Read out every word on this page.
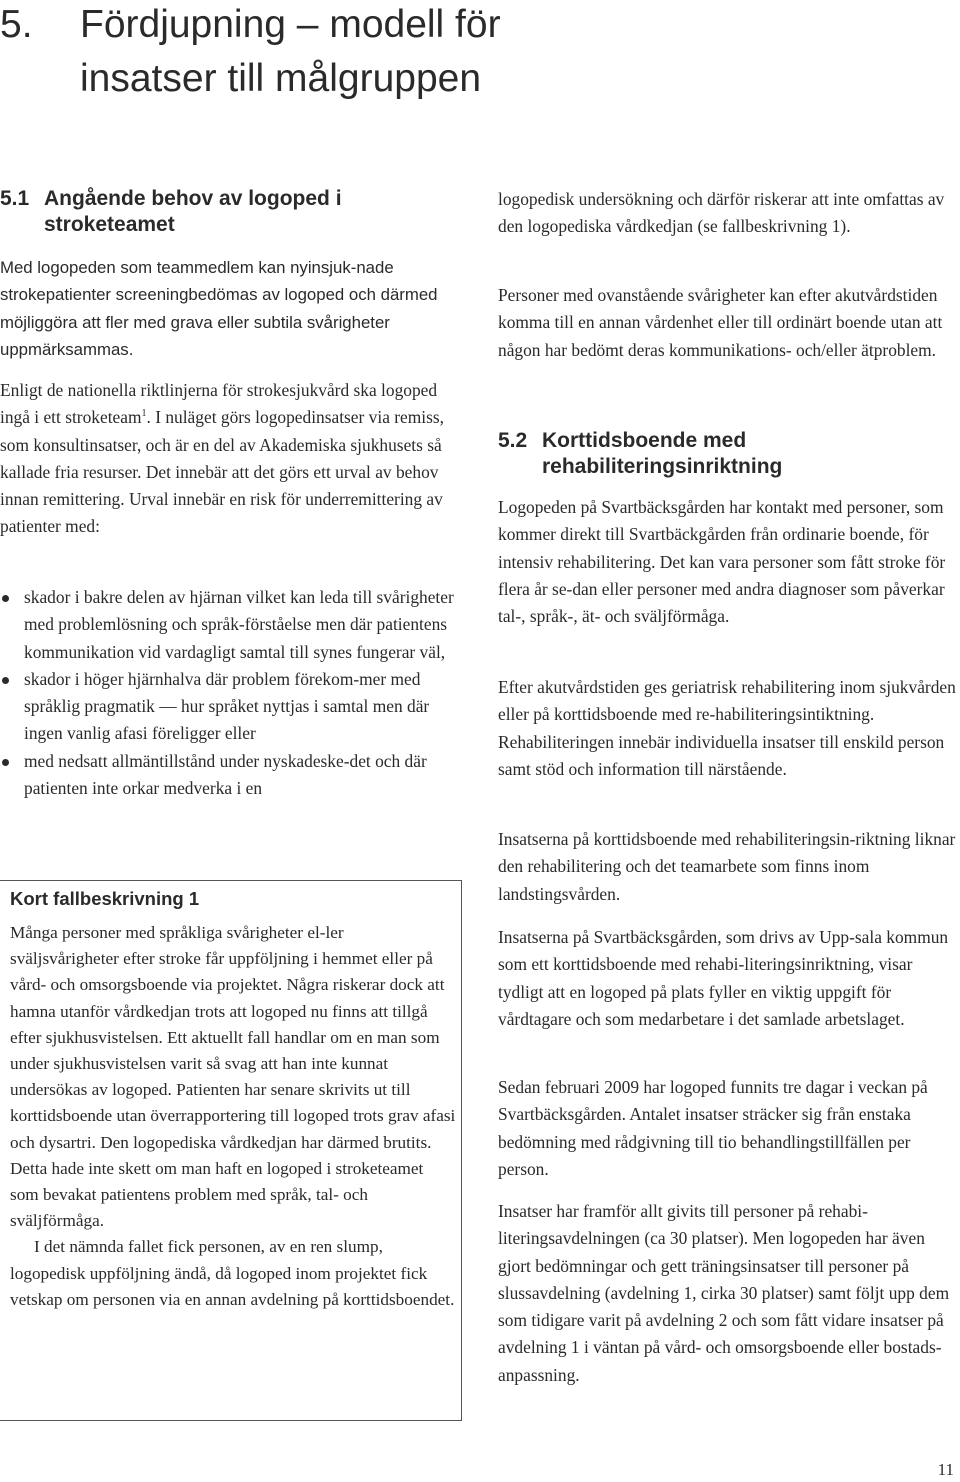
5. Fördjupning – modell för
insatser till målgruppen
5.1 Angående behov av logoped i
stroketeamet

Med logopeden som teammedlem kan nyinsjuk-nade strokepatienter screeningbedömas av logoped och därmed möjliggöra att fler med grava eller subtila svårigheter uppmärksammas.

Enligt de nationella riktlinjerna för strokesjukvård ska logoped ingå i ett stroketeam$^1$. I nuläget görs logopedinsatser via remiss, som konsultinsatser, och är en del av Akademiska sjukhusets så kallade fria resurser. Det innebär att det görs ett urval av behov innan remittering. Urval innebär en risk för underremittering av patienter med:

skador i bakre delen av hjärnan vilket kan leda till svårigheter med problemlösning och språk-förståelse men där patientens kommunikation vid vardagligt samtal till synes fungerar väl,
skador i höger hjärnhalva där problem förekom-mer med språklig pragmatik — hur språket nyttjas i samtal men där ingen vanlig afasi föreligger eller
med nedsatt allmäntillstånd under nyskadeske-det och där patienten inte orkar medverka i en
Kort fallbeskrivning 1

Många personer med språkliga svårigheter el-ler sväljsvårigheter efter stroke får uppföljning i hemmet eller på vård- och omsorgsboende via projektet. Några riskerar dock att hamna utanför vårdkedjan trots att logoped nu finns att tillgå efter sjukhusvistelsen. Ett aktuellt fall handlar om en man som under sjukhusvistelsen varit så svag att han inte kunnat undersökas av logoped. Patienten har senare skrivits ut till korttidsboende utan överrapportering till logoped trots grav afasi och dysartri. Den logopediska vårdkedjan har därmed brutits. Detta hade inte skett om man haft en logoped i stroketeamet som bevakat patientens problem med språk, tal- och sväljförmåga.

I det nämnda fallet fick personen, av en ren slump, logopedisk uppföljning ändå, då logoped inom projektet fick vetskap om personen via en annan avdelning på korttidsboendet.

logopedisk undersökning och därför riskerar att inte omfattas av den logopediska vårdkedjan (se fallbeskrivning 1).

Personer med ovanstående svårigheter kan efter akutvårdstiden komma till en annan vårdenhet eller till ordinärt boende utan att någon har bedömt deras kommunikations- och/eller ätproblem.

5.2 Korttidsboende med
rehabiliteringsinriktning

Logopeden på Svartbäcksgården har kontakt med personer, som kommer direkt till Svartbäckgården från ordinarie boende, för intensiv rehabilitering. Det kan vara personer som fått stroke för flera år se-dan eller personer med andra diagnoser som påverkar tal-, språk-, ät- och sväljförmåga.

Efter akutvårdstiden ges geriatrisk rehabilitering inom sjukvården eller på korttidsboende med re-habiliteringsintiktning. Rehabiliteringen innebär individuella insatser till enskild person samt stöd och information till närstående.

Insatserna på korttidsboende med rehabiliteringsin-riktning liknar den rehabilitering och det teamarbete som finns inom landstingsvården.

Insatserna på Svartbäcksgården, som drivs av Upp-sala kommun som ett korttidsboende med rehabi-literingsinriktning, visar tydligt att en logoped på plats fyller en viktig uppgift för vårdtagare och som medarbetare i det samlade arbetslaget.

Sedan februari 2009 har logoped funnits tre dagar i veckan på Svartbäcksgården. Antalet insatser sträcker sig från enstaka bedömning med rådgivning till tio behandlingstillfällen per person.

Insatser har framför allt givits till personer på rehabi-literingsavdelningen (ca 30 platser). Men logopeden har även gjort bedömningar och gett träningsinsatser till personer på slussavdelning (avdelning 1, cirka 30 platser) samt följt upp dem som tidigare varit på avdelning 2 och som fått vidare insatser på avdelning 1 i väntan på vård- och omsorgsboende eller bostads-anpassning.

11
